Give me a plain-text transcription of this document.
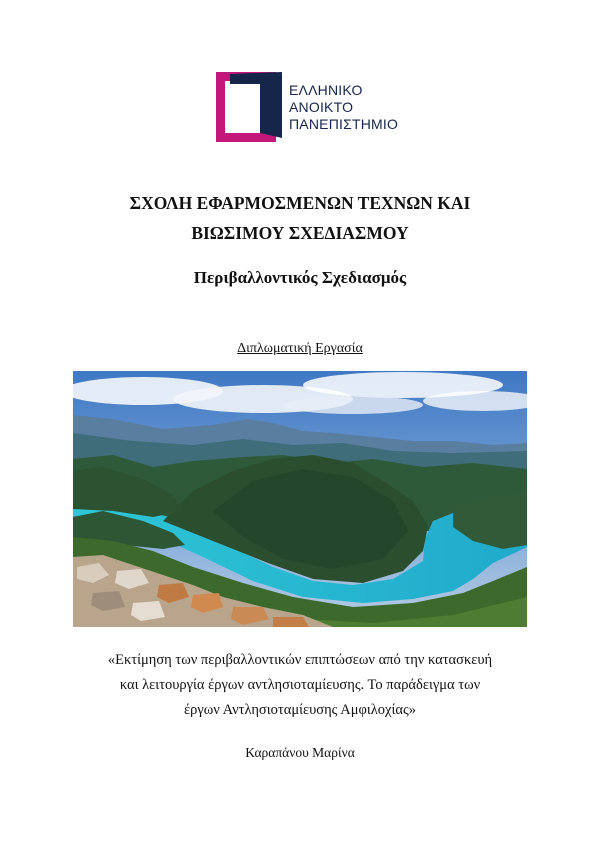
ΕΛΛΗΝΙΚΟ
ΑΝΟΙΚΤΟ
ΠΑΝΕΠΙΣΤΗΜΙΟ
ΣΧΟΛΗ ΕΦΑΡΜΟΣΜΕΝΩΝ ΤΕΧΝΩΝ ΚΑΙ
ΒΙΩΣΙΜΟΥ ΣΧΕΔΙΑΣΜΟΥ
Περιβαλλοντικός Σχεδιασμός
Διπλωματική Εργασία
«Εκτίμηση των περιβαλλοντικών επιπτώσεων από την κατασκευή
και λειτουργία έργων αντλησιοταμίευσης. Το παράδειγμα των
έργων Αντλησιοταμίευσης Αμφιλοχίας»
Καραπάνου Μαρίνα
